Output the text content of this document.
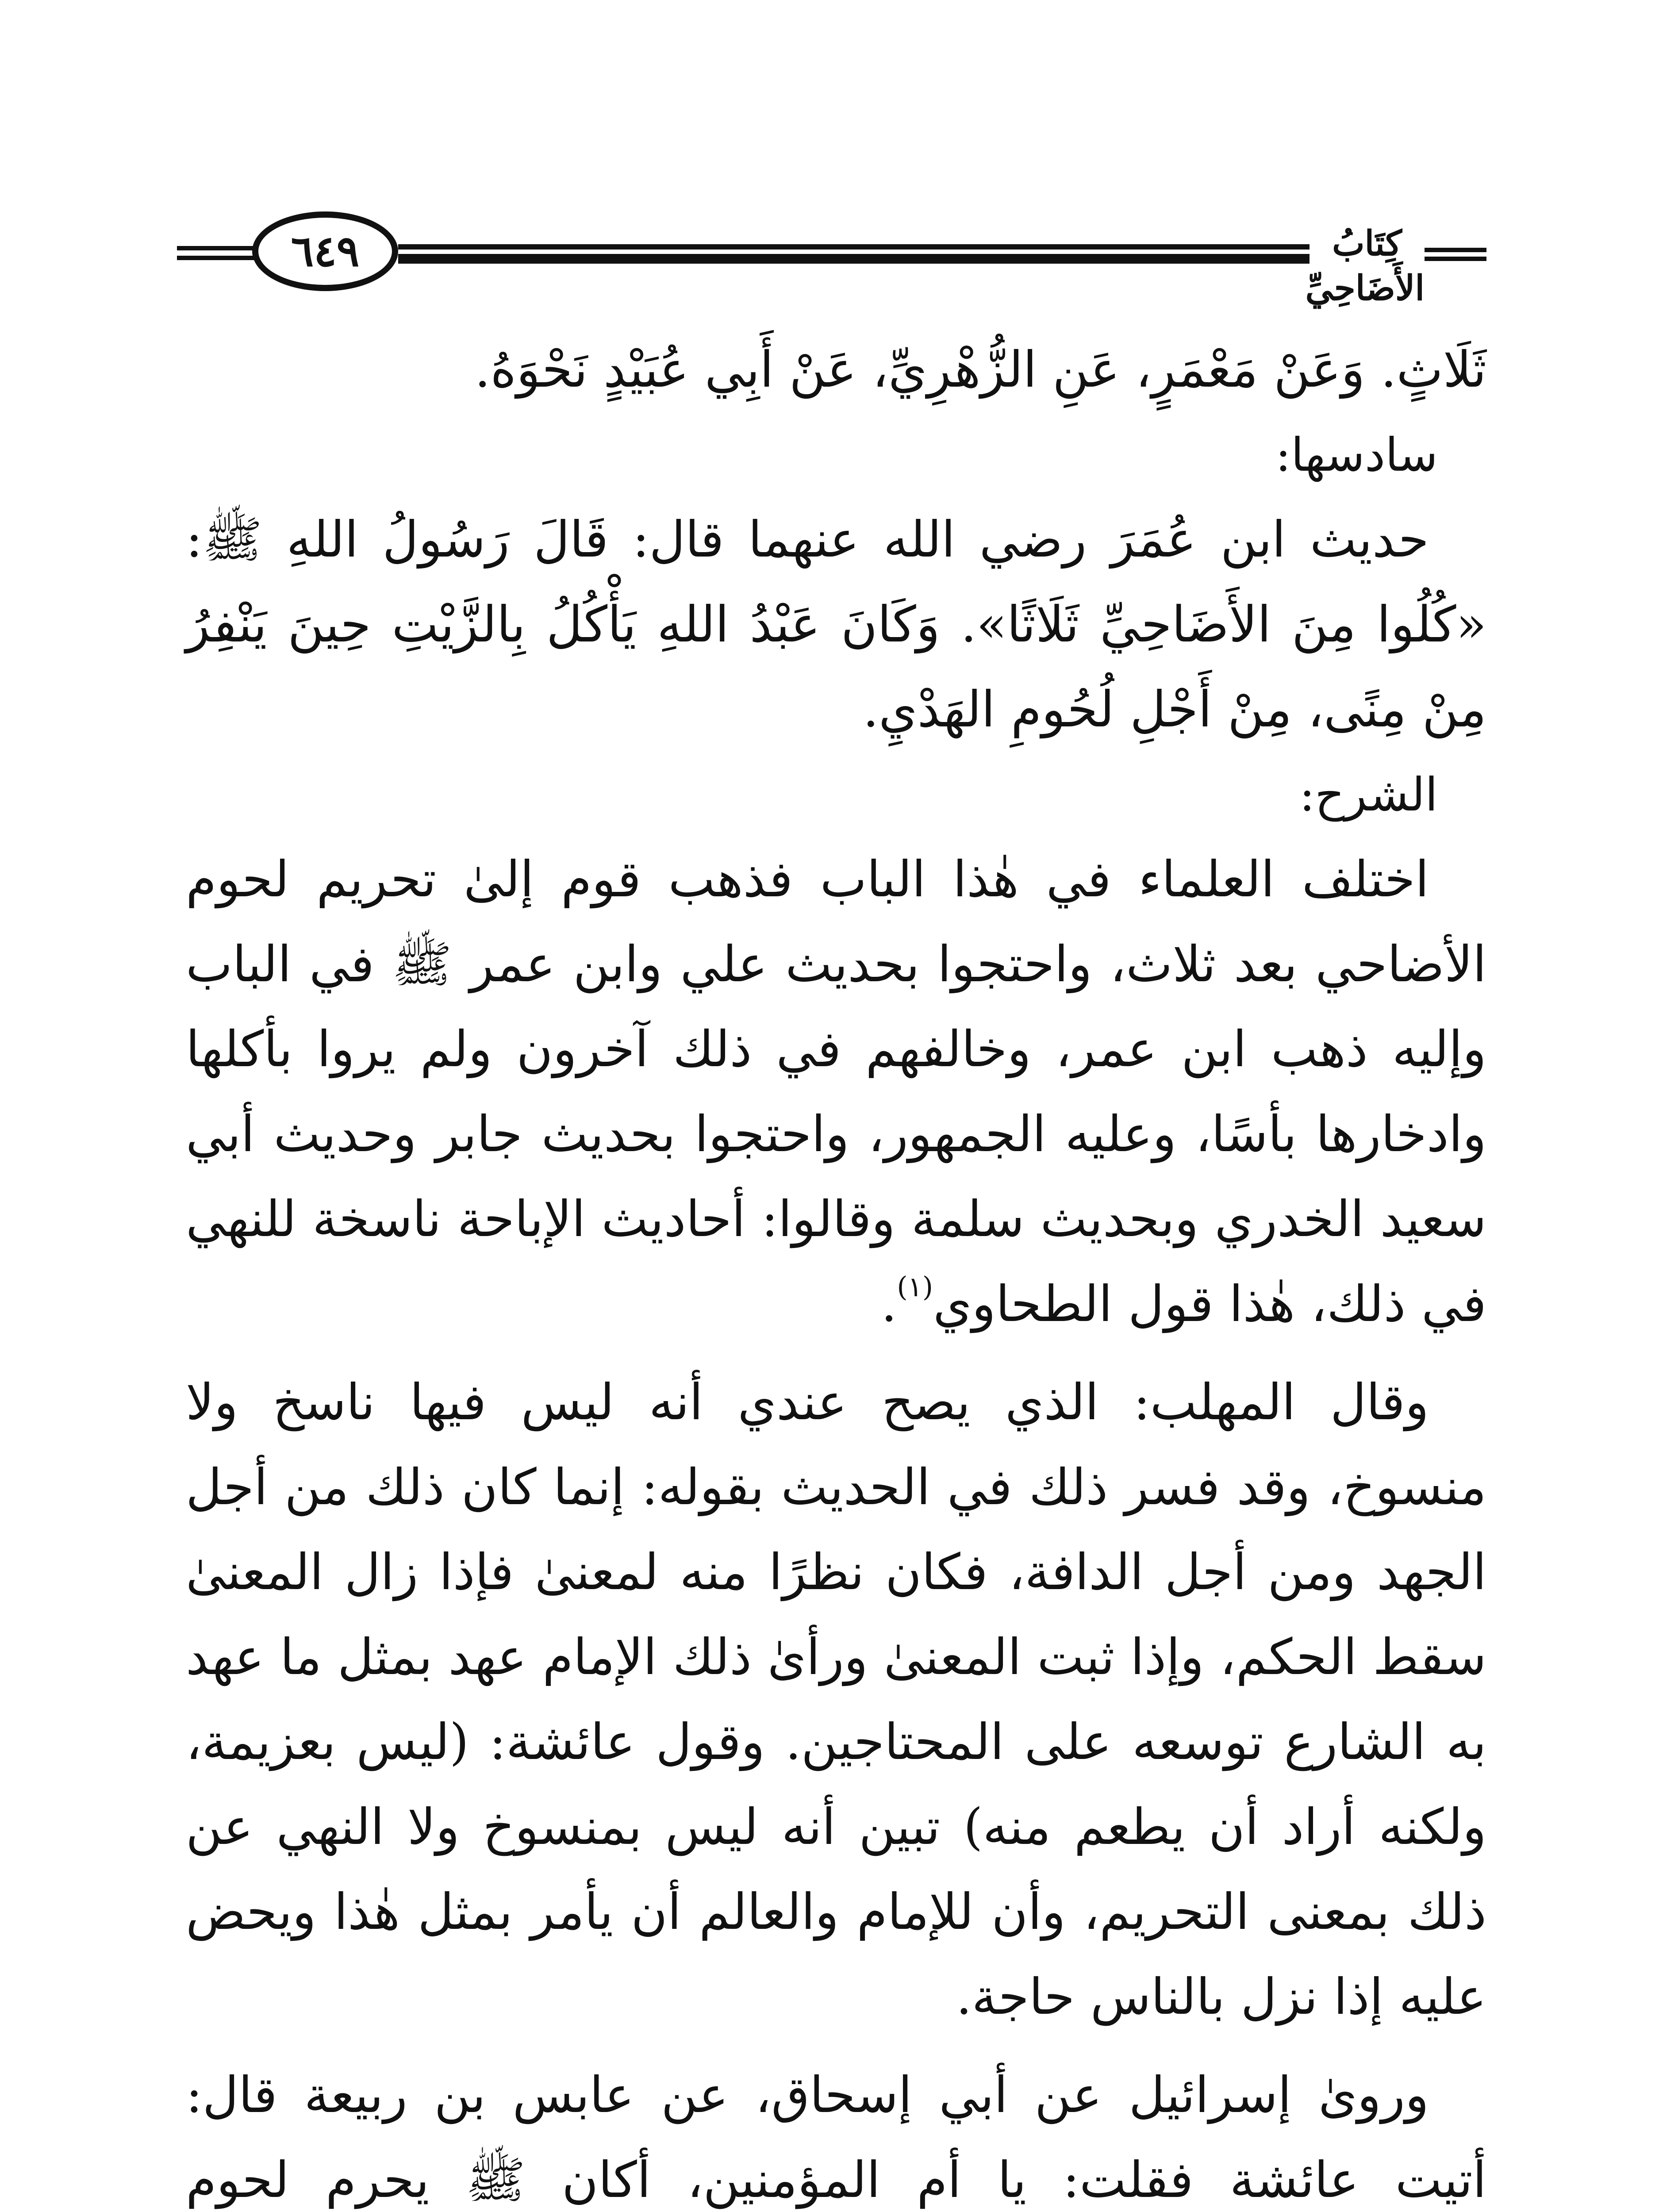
٦٤٩	كِتَابُ الأَضَاحِيِّ

ثَلَاثٍ. وَعَنْ مَعْمَرٍ، عَنِ الزُّهْرِيِّ، عَنْ أَبِي عُبَيْدٍ نَحْوَهُ.

سادسها:

حديث ابن عُمَرَ رضي الله عنهما قال: قَالَ رَسُولُ اللهِ ﷺ: «كُلُوا مِنَ الأَضَاحِيِّ ثَلَاثًا». وَكَانَ عَبْدُ اللهِ يَأْكُلُ بِالزَّيْتِ حِينَ يَنْفِرُ مِنْ مِنًى، مِنْ أَجْلِ لُحُومِ الهَدْيِ.

الشرح:

اختلف العلماء في هٰذا الباب فذهب قوم إلىٰ تحريم لحوم الأضاحي بعد ثلاث، واحتجوا بحديث علي وابن عمر ﷺ في الباب وإليه ذهب ابن عمر، وخالفهم في ذلك آخرون ولم يروا بأكلها وادخارها بأسًا، وعليه الجمهور، واحتجوا بحديث جابر وحديث أبي سعيد الخدري وبحديث سلمة وقالوا: أحاديث الإباحة ناسخة للنهي في ذلك، هٰذا قول الطحاوي$^{(١)}$.

وقال المهلب: الذي يصح عندي أنه ليس فيها ناسخ ولا منسوخ، وقد فسر ذلك في الحديث بقوله: إنما كان ذلك من أجل الجهد ومن أجل الدافة، فكان نظرًا منه لمعنىٰ فإذا زال المعنىٰ سقط الحكم، وإذا ثبت المعنىٰ ورأىٰ ذلك الإمام عهد بمثل ما عهد به الشارع توسعه على المحتاجين. وقول عائشة: (ليس بعزيمة، ولكنه أراد أن يطعم منه) تبين أنه ليس بمنسوخ ولا النهي عن ذلك بمعنى التحريم، وأن للإمام والعالم أن يأمر بمثل هٰذا ويحض عليه إذا نزل بالناس حاجة.

وروىٰ إسرائيل عن أبي إسحاق، عن عابس بن ربيعة قال: أتيت عائشة فقلت: يا أم المؤمنين، أكان ﷺ يحرم لحوم
